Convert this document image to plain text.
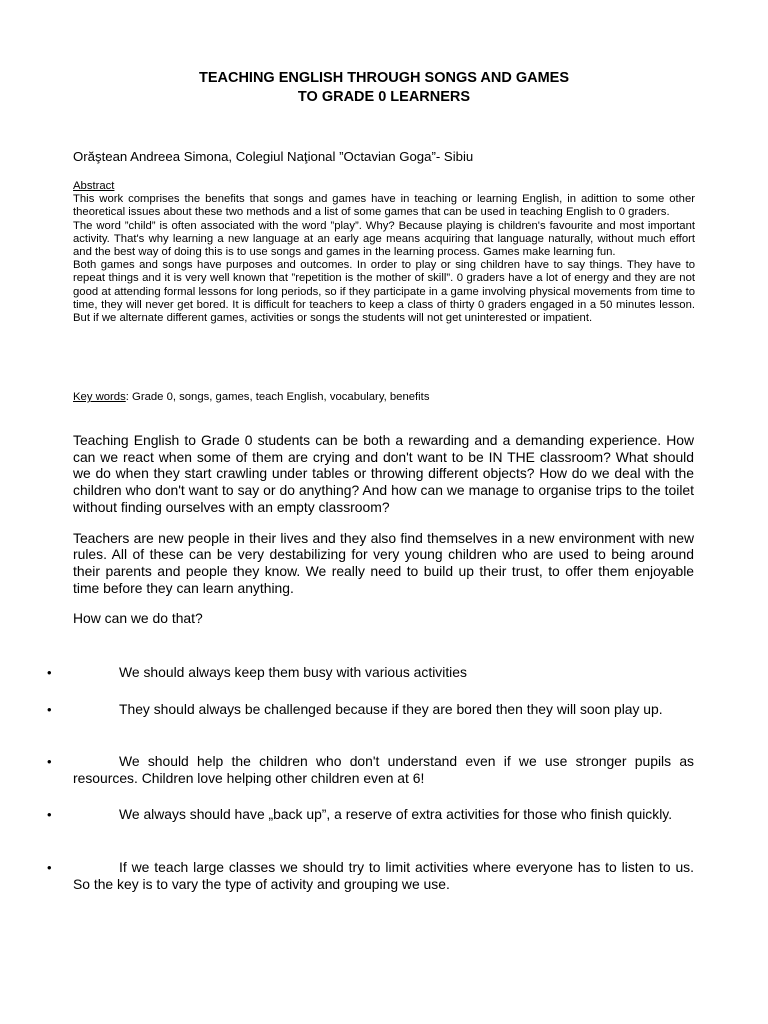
TEACHING ENGLISH THROUGH SONGS AND GAMES
TO GRADE 0 LEARNERS
Orăştean Andreea Simona, Colegiul Naţional ”Octavian Goga”- Sibiu

Abstract

This work comprises the benefits that songs and games have in teaching or learning English, in adittion to some other theoretical issues about these two methods and a list of some games that can be used in teaching English to 0 graders.

The word ”child” is often associated with the word ”play”. Why? Because playing is children's favourite and most important activity. That's why learning a new language at an early age means acquiring that language naturally, without much effort and the best way of doing this is to use songs and games in the learning process. Games make learning fun.

Both games and songs have purposes and outcomes. In order to play or sing children have to say things. They have to repeat things and it is very well known that ”repetition is the mother of skill”. 0 graders have a lot of energy and they are not good at attending formal lessons for long periods, so if they participate in a game involving physical movements from time to time, they will never get bored. It is difficult for teachers to keep a class of thirty 0 graders engaged in a 50 minutes lesson. But if we alternate different games, activities or songs the students will not get uninterested or impatient.

Key words: Grade 0, songs, games, teach English, vocabulary, benefits

Teaching English to Grade 0 students can be both a rewarding and a demanding experience. How can we react when some of them are crying and don't want to be IN THE classroom? What should we do when they start crawling under tables or throwing different objects? How do we deal with the children who don't want to say or do anything? And how can we manage to organise trips to the toilet without finding ourselves with an empty classroom?

Teachers are new people in their lives and they also find themselves in a new environment with new rules. All of these can be very destabilizing for very young children who are used to being around their parents and people they know. We really need to build up their trust, to offer them enjoyable time before they can learn anything.

How can we do that?

•	We should always keep them busy with various activities
•	They should always be challenged because if they are bored then they will soon play up.
•	We should help the children who don't understand even if we use stronger pupils as resources. Children love helping other children even at 6!
•	We always should have „back up”, a reserve of extra activities for those who finish quickly.
•	If we teach large classes we should try to limit activities where everyone has to listen to us. So the key is to vary the type of activity and grouping we use.
